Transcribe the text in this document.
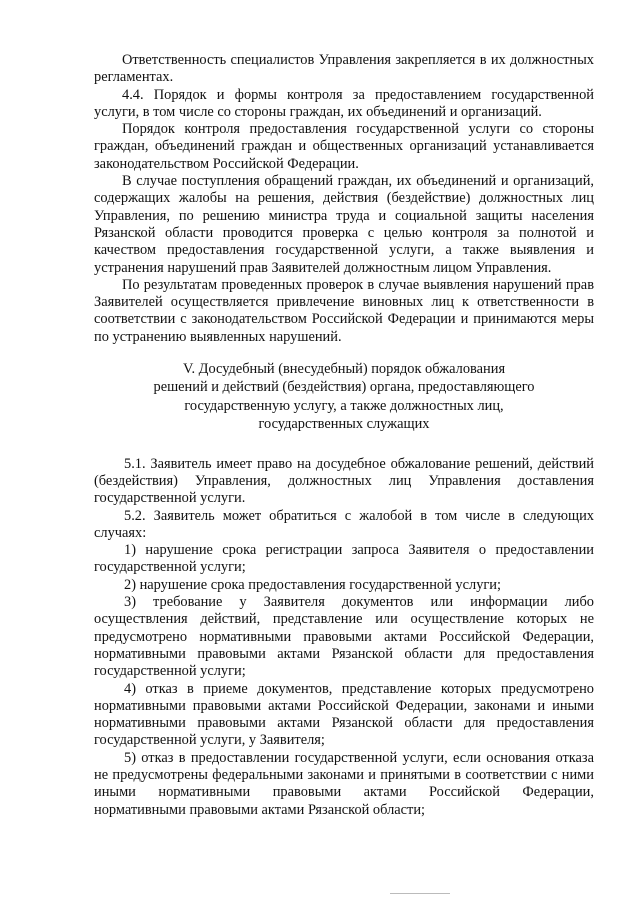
Ответственность специалистов Управления закрепляется в их должностных регламентах.

4.4. Порядок и формы контроля за предоставлением государственной услуги, в том числе со стороны граждан, их объединений и организаций.

Порядок контроля предоставления государственной услуги со стороны граждан, объединений граждан и общественных организаций устанавливается законодательством Российской Федерации.

В случае поступления обращений граждан, их объединений и организаций, содержащих жалобы на решения, действия (бездействие) должностных лиц Управления, по решению министра труда и социальной защиты населения Рязанской области проводится проверка с целью контроля за полнотой и качеством предоставления государственной услуги, а также выявления и устранения нарушений прав Заявителей должностным лицом Управления.

По результатам проведенных проверок в случае выявления нарушений прав Заявителей осуществляется привлечение виновных лиц к ответственности в соответствии с законодательством Российской Федерации и принимаются меры по устранению выявленных нарушений.

V. Досудебный (внесудебный) порядок обжалования
решений и действий (бездействия) органа, предоставляющего
государственную услугу, а также должностных лиц,
государственных служащих

5.1. Заявитель имеет право на досудебное обжалование решений, действий (бездействия) Управления, должностных лиц Управления доставления государственной услуги.

5.2. Заявитель может обратиться с жалобой в том числе в следующих случаях:

1) нарушение срока регистрации запроса Заявителя о предоставлении государственной услуги;

2) нарушение срока предоставления государственной услуги;

3) требование у Заявителя документов или информации либо осуществления действий, представление или осуществление которых не предусмотрено нормативными правовыми актами Российской Федерации, нормативными правовыми актами Рязанской области для предоставления государственной услуги;

4) отказ в приеме документов, представление которых предусмотрено нормативными правовыми актами Российской Федерации, законами и иными нормативными правовыми актами Рязанской области для предоставления государственной услуги, у Заявителя;

5) отказ в предоставлении государственной услуги, если основания отказа не предусмотрены федеральными законами и принятыми в соответствии с ними иными нормативными правовыми актами Российской Федерации, нормативными правовыми актами Рязанской области;
